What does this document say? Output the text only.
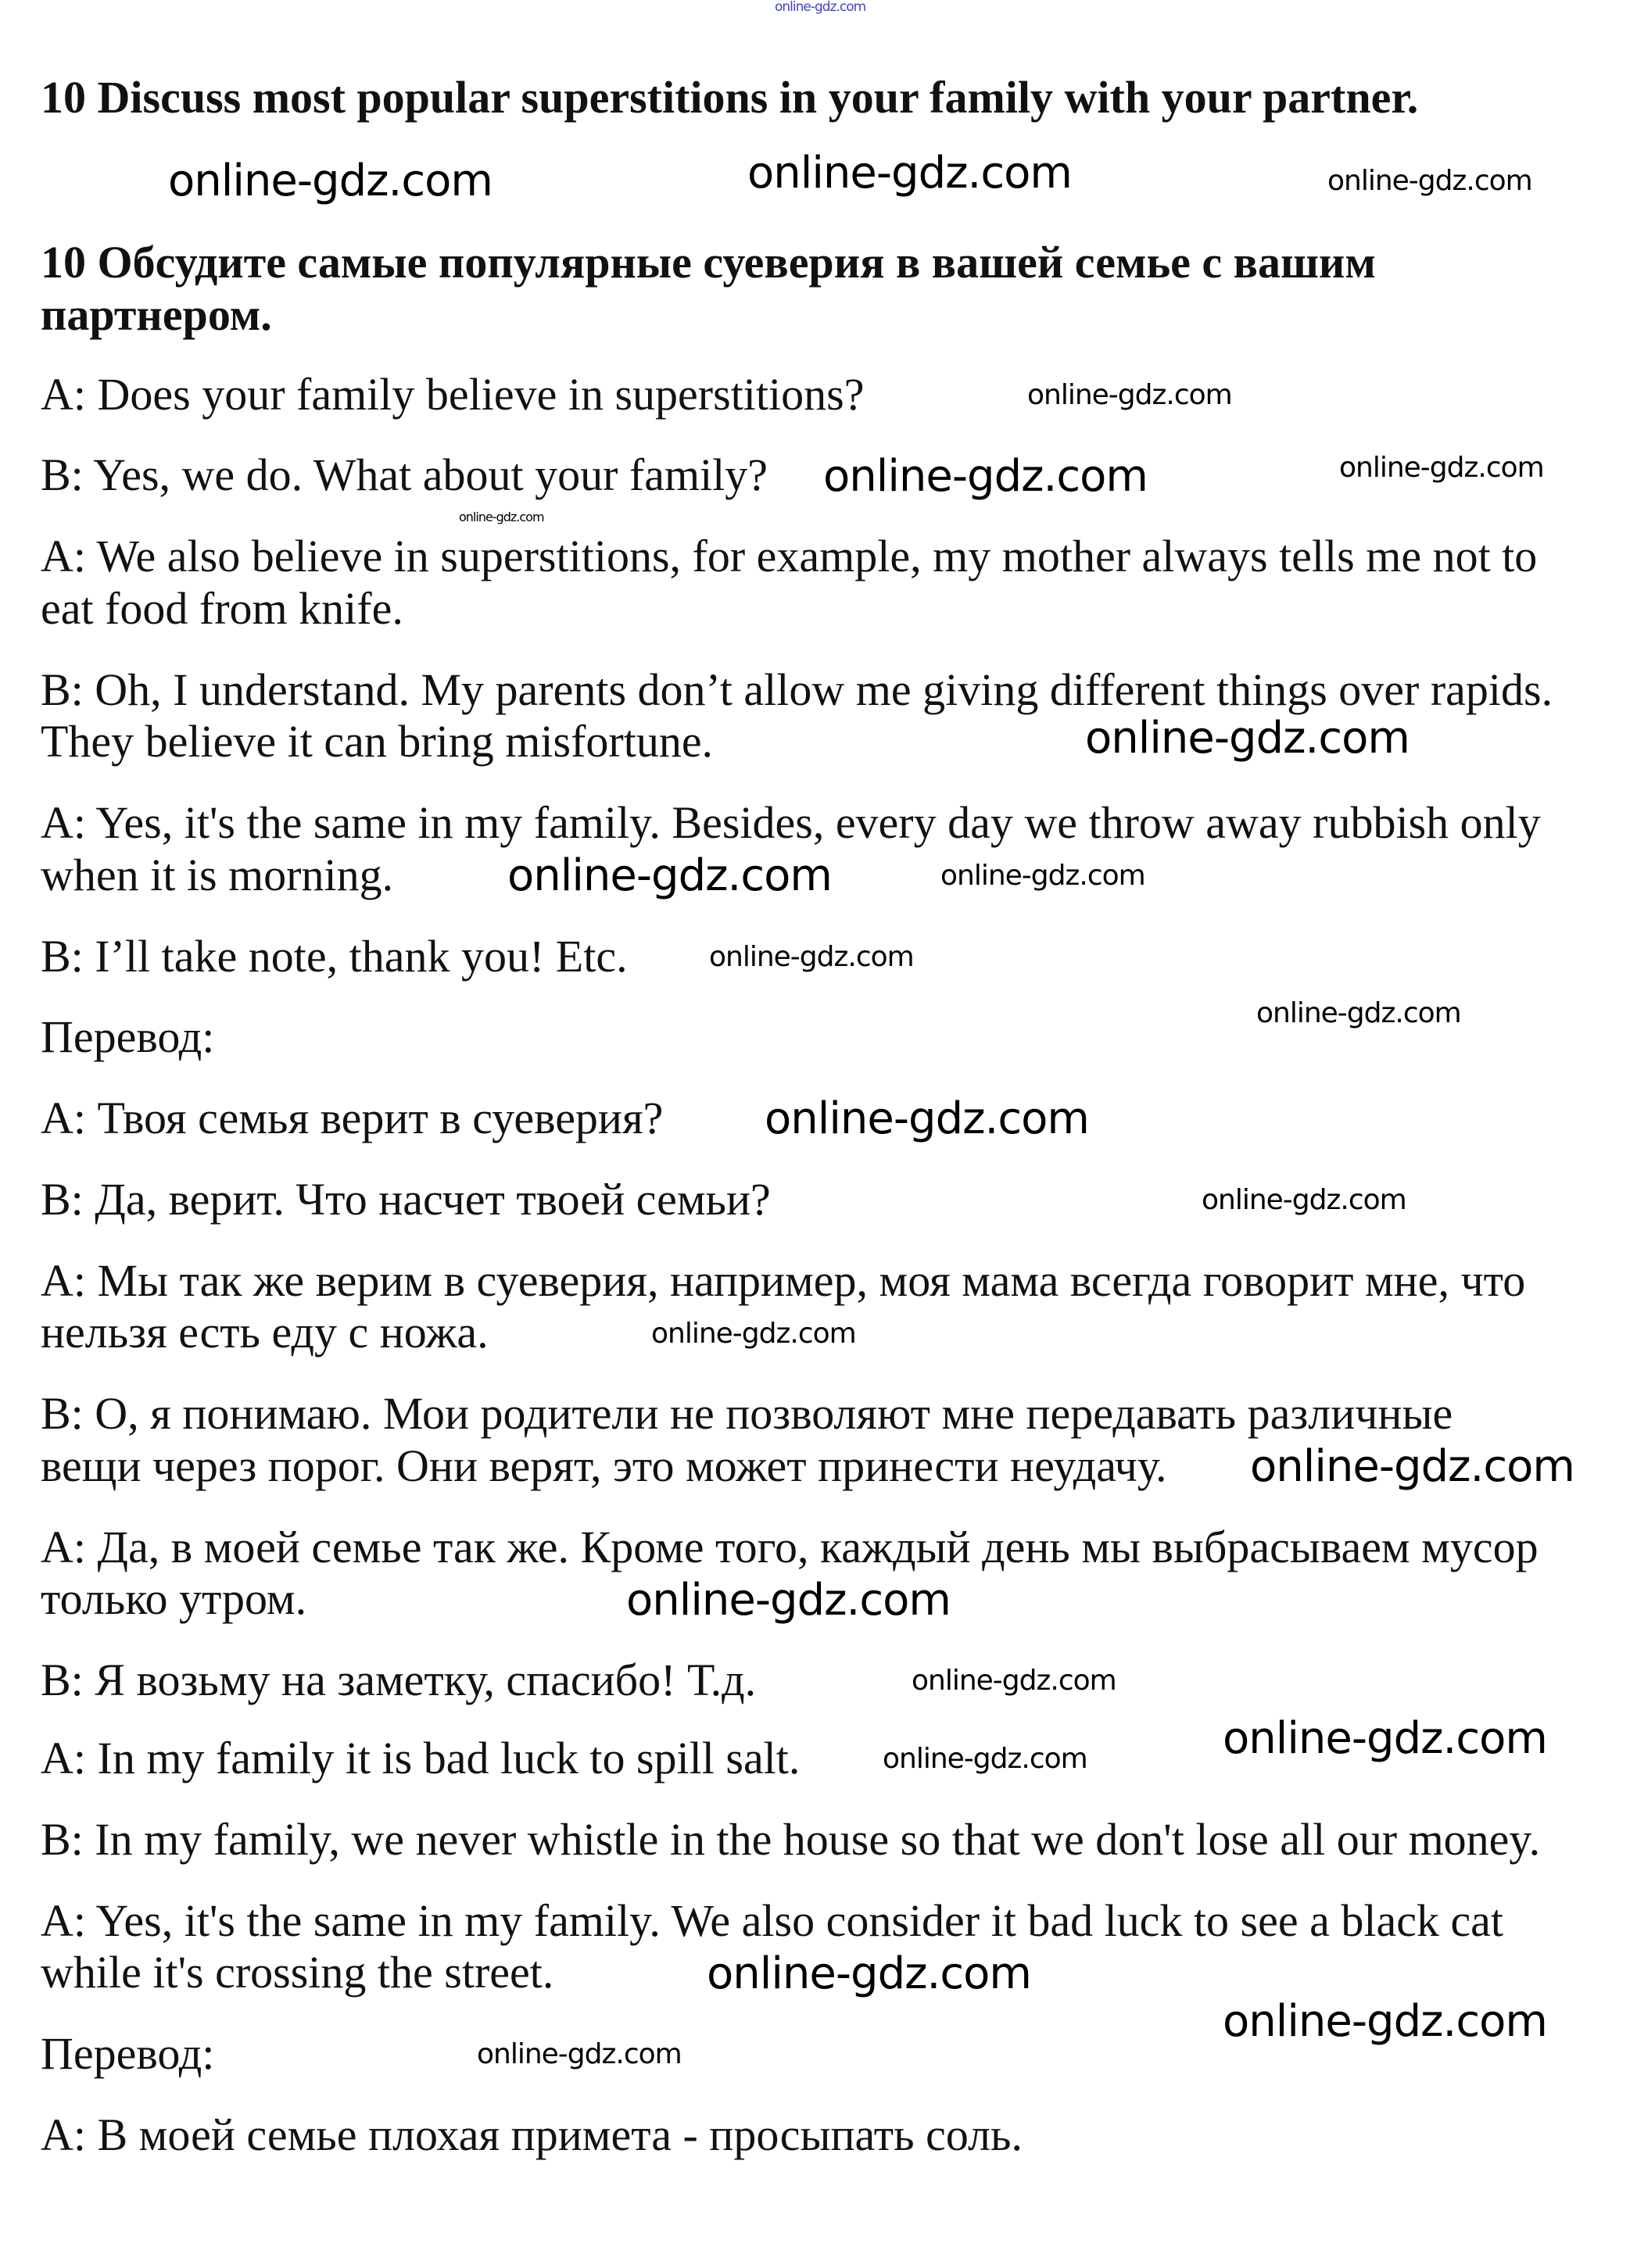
10 Discuss most popular superstitions in your family with your partner.
10 Обсудите самые популярные суеверия в вашей семье с вашим
партнером.
A: Does your family believe in superstitions?
B: Yes, we do. What about your family?
A: We also believe in superstitions, for example, my mother always tells me not to
eat food from knife.
B: Oh, I understand. My parents don’t allow me giving different things over rapids.
They believe it can bring misfortune.
A: Yes, it's the same in my family. Besides, every day we throw away rubbish only
when it is morning.
B: I’ll take note, thank you! Etc.
Перевод:
A: Твоя семья верит в суеверия?
B: Да, верит. Что насчет твоей семьи?
A: Мы так же верим в суеверия, например, моя мама всегда говорит мне, что
нельзя есть еду с ножа.
B: О, я понимаю. Мои родители не позволяют мне передавать различные
вещи через порог. Они верят, это может принести неудачу.
A: Да, в моей семье так же. Кроме того, каждый день мы выбрасываем мусор
только утром.
B: Я возьму на заметку, спасибо! Т.д.
A: In my family it is bad luck to spill salt.
B: In my family, we never whistle in the house so that we don't lose all our money.
A: Yes, it's the same in my family. We also consider it bad luck to see a black cat
while it's crossing the street.
Перевод:
A: В моей семье плохая примета - просыпать соль.
online-gdz.com
online-gdz.com
online-gdz.com
online-gdz.com
online-gdz.com
online-gdz.com
online-gdz.com
online-gdz.com
online-gdz.com
online-gdz.com
online-gdz.com
online-gdz.com
online-gdz.com
online-gdz.com
online-gdz.com
online-gdz.com
online-gdz.com
online-gdz.com
online-gdz.com
online-gdz.com
online-gdz.com
online-gdz.com
online-gdz.com
online-gdz.com
